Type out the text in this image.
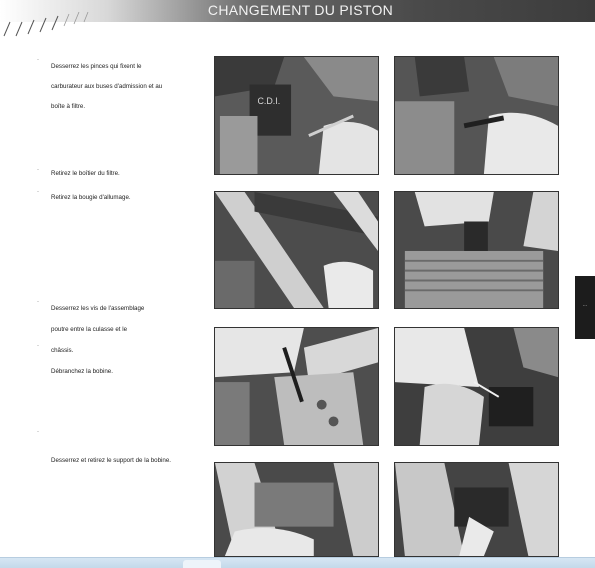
CHANGEMENT DU PISTON
·
Desserrez les pinces qui fixent le
carburateur aux buses d'admission et au
boîte à filtre.
· Retirez le boîtier du filtre.
·
Retirez la bougie d'allumage.
·
Desserrez les vis de l'assemblage
poutre entre la culasse et le
châssis.
·
Débranchez la bobine.
·
Desserrez et retirez le support de la bobine.
C.D.I.
...
